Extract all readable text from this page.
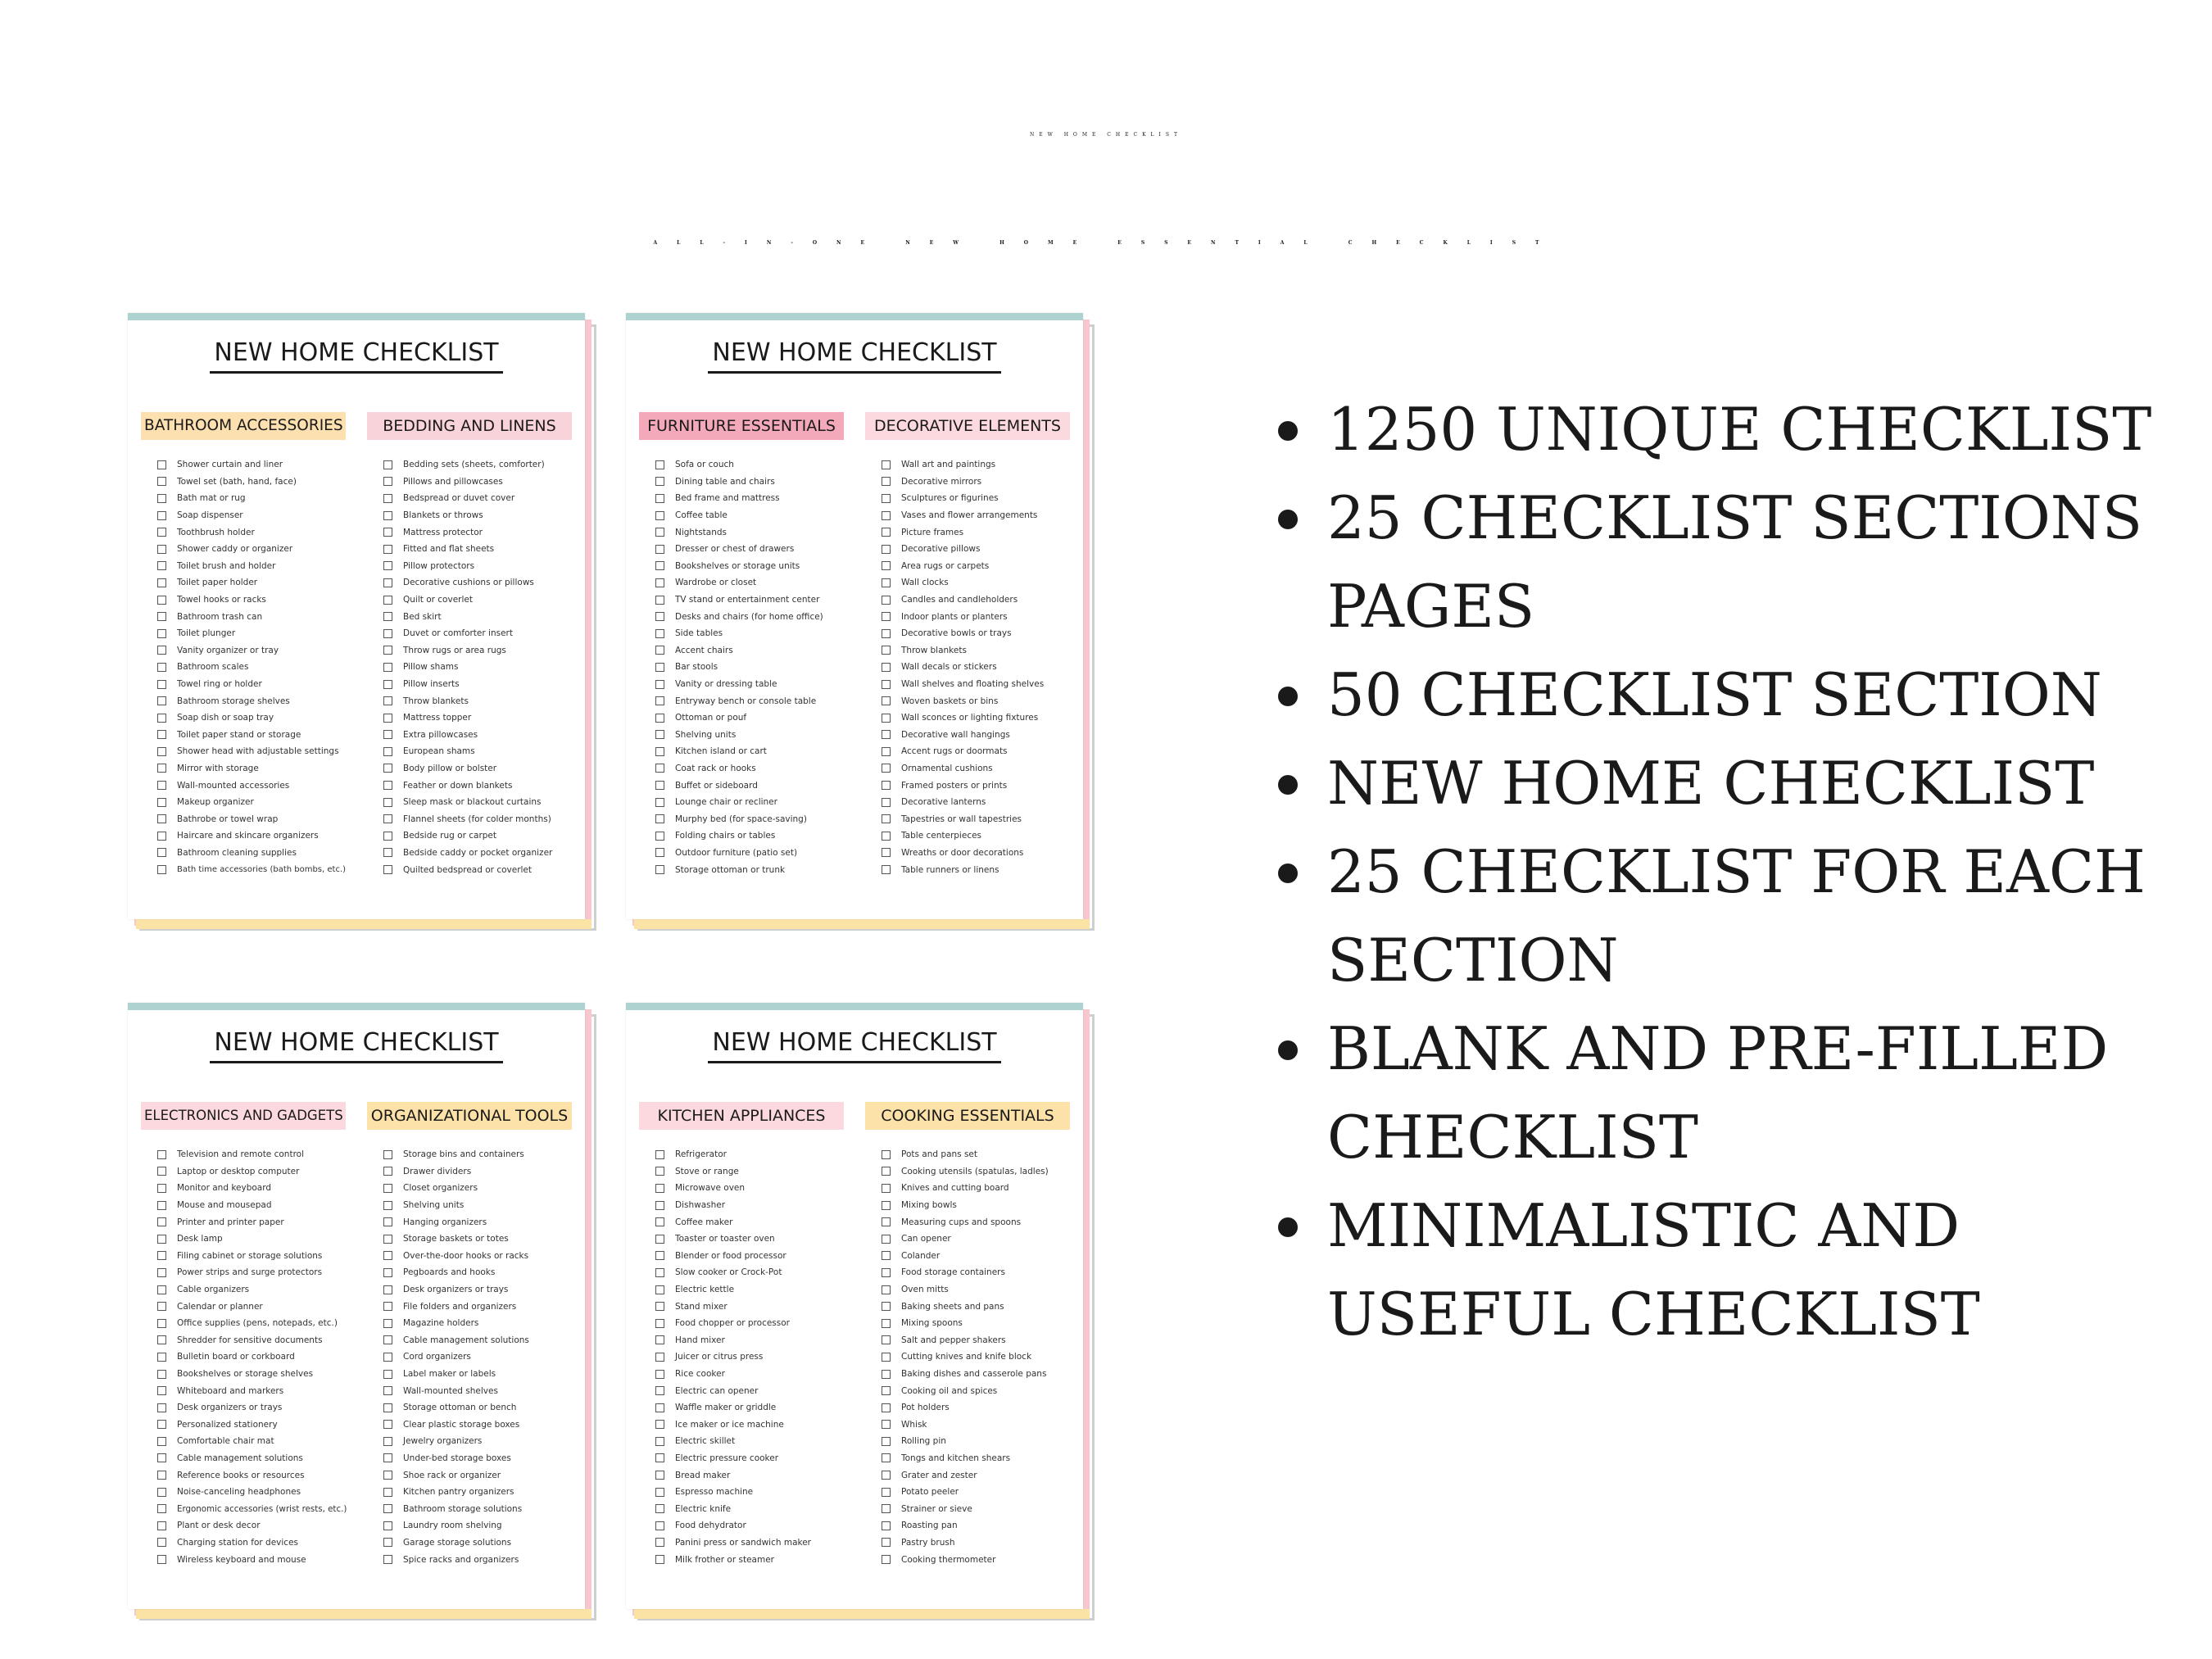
NEW HOME CHECKLIST
ALL-IN-ONE NEW HOME ESSENTIAL CHECKLIST
NEW HOME CHECKLIST
BATHROOM ACCESSORIES
Shower curtain and liner
Towel set (bath, hand, face)
Bath mat or rug
Soap dispenser
Toothbrush holder
Shower caddy or organizer
Toilet brush and holder
Toilet paper holder
Towel hooks or racks
Bathroom trash can
Toilet plunger
Vanity organizer or tray
Bathroom scales
Towel ring or holder
Bathroom storage shelves
Soap dish or soap tray
Toilet paper stand or storage
Shower head with adjustable settings
Mirror with storage
Wall-mounted accessories
Makeup organizer
Bathrobe or towel wrap
Haircare and skincare organizers
Bathroom cleaning supplies
Bath time accessories (bath bombs, etc.)
BEDDING AND LINENS
Bedding sets (sheets, comforter)
Pillows and pillowcases
Bedspread or duvet cover
Blankets or throws
Mattress protector
Fitted and flat sheets
Pillow protectors
Decorative cushions or pillows
Quilt or coverlet
Bed skirt
Duvet or comforter insert
Throw rugs or area rugs
Pillow shams
Pillow inserts
Throw blankets
Mattress topper
Extra pillowcases
European shams
Body pillow or bolster
Feather or down blankets
Sleep mask or blackout curtains
Flannel sheets (for colder months)
Bedside rug or carpet
Bedside caddy or pocket organizer
Quilted bedspread or coverlet
NEW HOME CHECKLIST
FURNITURE ESSENTIALS
Sofa or couch
Dining table and chairs
Bed frame and mattress
Coffee table
Nightstands
Dresser or chest of drawers
Bookshelves or storage units
Wardrobe or closet
TV stand or entertainment center
Desks and chairs (for home office)
Side tables
Accent chairs
Bar stools
Vanity or dressing table
Entryway bench or console table
Ottoman or pouf
Shelving units
Kitchen island or cart
Coat rack or hooks
Buffet or sideboard
Lounge chair or recliner
Murphy bed (for space-saving)
Folding chairs or tables
Outdoor furniture (patio set)
Storage ottoman or trunk
DECORATIVE ELEMENTS
Wall art and paintings
Decorative mirrors
Sculptures or figurines
Vases and flower arrangements
Picture frames
Decorative pillows
Area rugs or carpets
Wall clocks
Candles and candleholders
Indoor plants or planters
Decorative bowls or trays
Throw blankets
Wall decals or stickers
Wall shelves and floating shelves
Woven baskets or bins
Wall sconces or lighting fixtures
Decorative wall hangings
Accent rugs or doormats
Ornamental cushions
Framed posters or prints
Decorative lanterns
Tapestries or wall tapestries
Table centerpieces
Wreaths or door decorations
Table runners or linens
NEW HOME CHECKLIST
ELECTRONICS AND GADGETS
Television and remote control
Laptop or desktop computer
Monitor and keyboard
Mouse and mousepad
Printer and printer paper
Desk lamp
Filing cabinet or storage solutions
Power strips and surge protectors
Cable organizers
Calendar or planner
Office supplies (pens, notepads, etc.)
Shredder for sensitive documents
Bulletin board or corkboard
Bookshelves or storage shelves
Whiteboard and markers
Desk organizers or trays
Personalized stationery
Comfortable chair mat
Cable management solutions
Reference books or resources
Noise-canceling headphones
Ergonomic accessories (wrist rests, etc.)
Plant or desk decor
Charging station for devices
Wireless keyboard and mouse
ORGANIZATIONAL TOOLS
Storage bins and containers
Drawer dividers
Closet organizers
Shelving units
Hanging organizers
Storage baskets or totes
Over-the-door hooks or racks
Pegboards and hooks
Desk organizers or trays
File folders and organizers
Magazine holders
Cable management solutions
Cord organizers
Label maker or labels
Wall-mounted shelves
Storage ottoman or bench
Clear plastic storage boxes
Jewelry organizers
Under-bed storage boxes
Shoe rack or organizer
Kitchen pantry organizers
Bathroom storage solutions
Laundry room shelving
Garage storage solutions
Spice racks and organizers
NEW HOME CHECKLIST
KITCHEN APPLIANCES
Refrigerator
Stove or range
Microwave oven
Dishwasher
Coffee maker
Toaster or toaster oven
Blender or food processor
Slow cooker or Crock-Pot
Electric kettle
Stand mixer
Food chopper or processor
Hand mixer
Juicer or citrus press
Rice cooker
Electric can opener
Waffle maker or griddle
Ice maker or ice machine
Electric skillet
Electric pressure cooker
Bread maker
Espresso machine
Electric knife
Food dehydrator
Panini press or sandwich maker
Milk frother or steamer
COOKING ESSENTIALS
Pots and pans set
Cooking utensils (spatulas, ladles)
Knives and cutting board
Mixing bowls
Measuring cups and spoons
Can opener
Colander
Food storage containers
Oven mitts
Baking sheets and pans
Mixing spoons
Salt and pepper shakers
Cutting knives and knife block
Baking dishes and casserole pans
Cooking oil and spices
Pot holders
Whisk
Rolling pin
Tongs and kitchen shears
Grater and zester
Potato peeler
Strainer or sieve
Roasting pan
Pastry brush
Cooking thermometer
1250 UNIQUE CHECKLIST
25 CHECKLIST SECTIONS PAGES
50 CHECKLIST SECTION
NEW HOME CHECKLIST
25 CHECKLIST FOR EACH SECTION
BLANK AND PRE-FILLED CHECKLIST
MINIMALISTIC AND USEFUL CHECKLIST
